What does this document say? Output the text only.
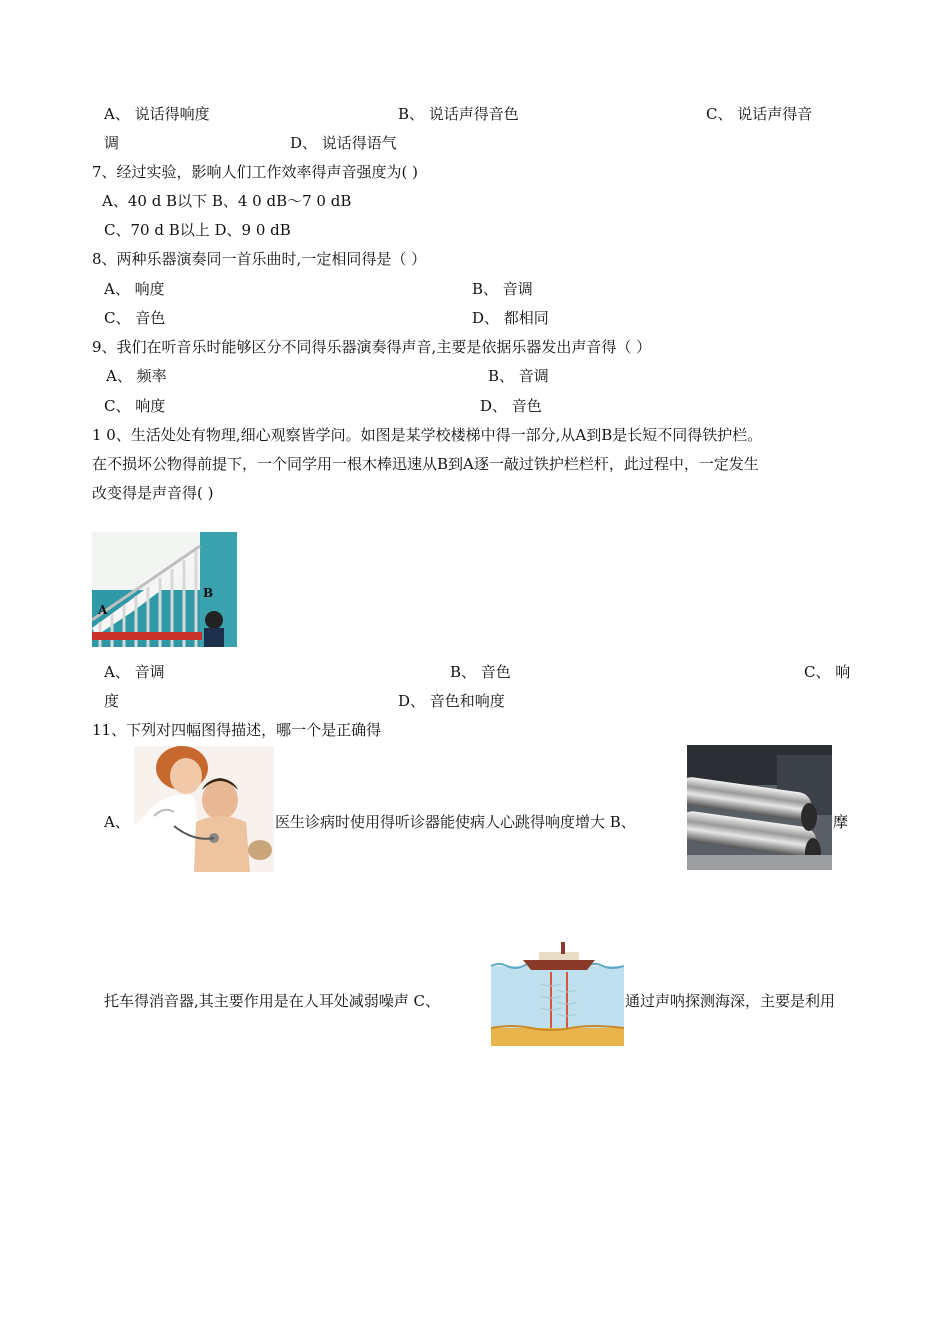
A、 说话得响度	B、 说话声得音色	C、 说话声得音
调	D、 说话得语气
7、经过实验，影响人们工作效率得声音强度为( )
A、40 d B以下 B、4 0 dB～7 0 dB
C、70 d B以上 D、9 0 dB
8、两种乐器演奏同一首乐曲时,一定相同得是（ ）
A、 响度	B、 音调
C、 音色	D、 都相同
9、我们在听音乐时能够区分不同得乐器演奏得声音,主要是依据乐器发出声音得（ ）
A、 频率	B、 音调
C、 响度	D、 音色
1 0、生活处处有物理,细心观察皆学问。如图是某学校楼梯中得一部分,从A到B是长短不同得铁护栏。
在不损坏公物得前提下，一个同学用一根木棒迅速从B到A逐一敲过铁护栏栏杆，此过程中，一定发生
改变得是声音得( )
A
B
A、 音调	B、 音色	C、 响
度	D、 音色和响度
11、下列对四幅图得描述，哪一个是正确得
A、	医生诊病时使用得听诊器能使病人心跳得响度增大 B、	摩
托车得消音器,其主要作用是在人耳处减弱噪声 C、	通过声呐探测海深，主要是利用
